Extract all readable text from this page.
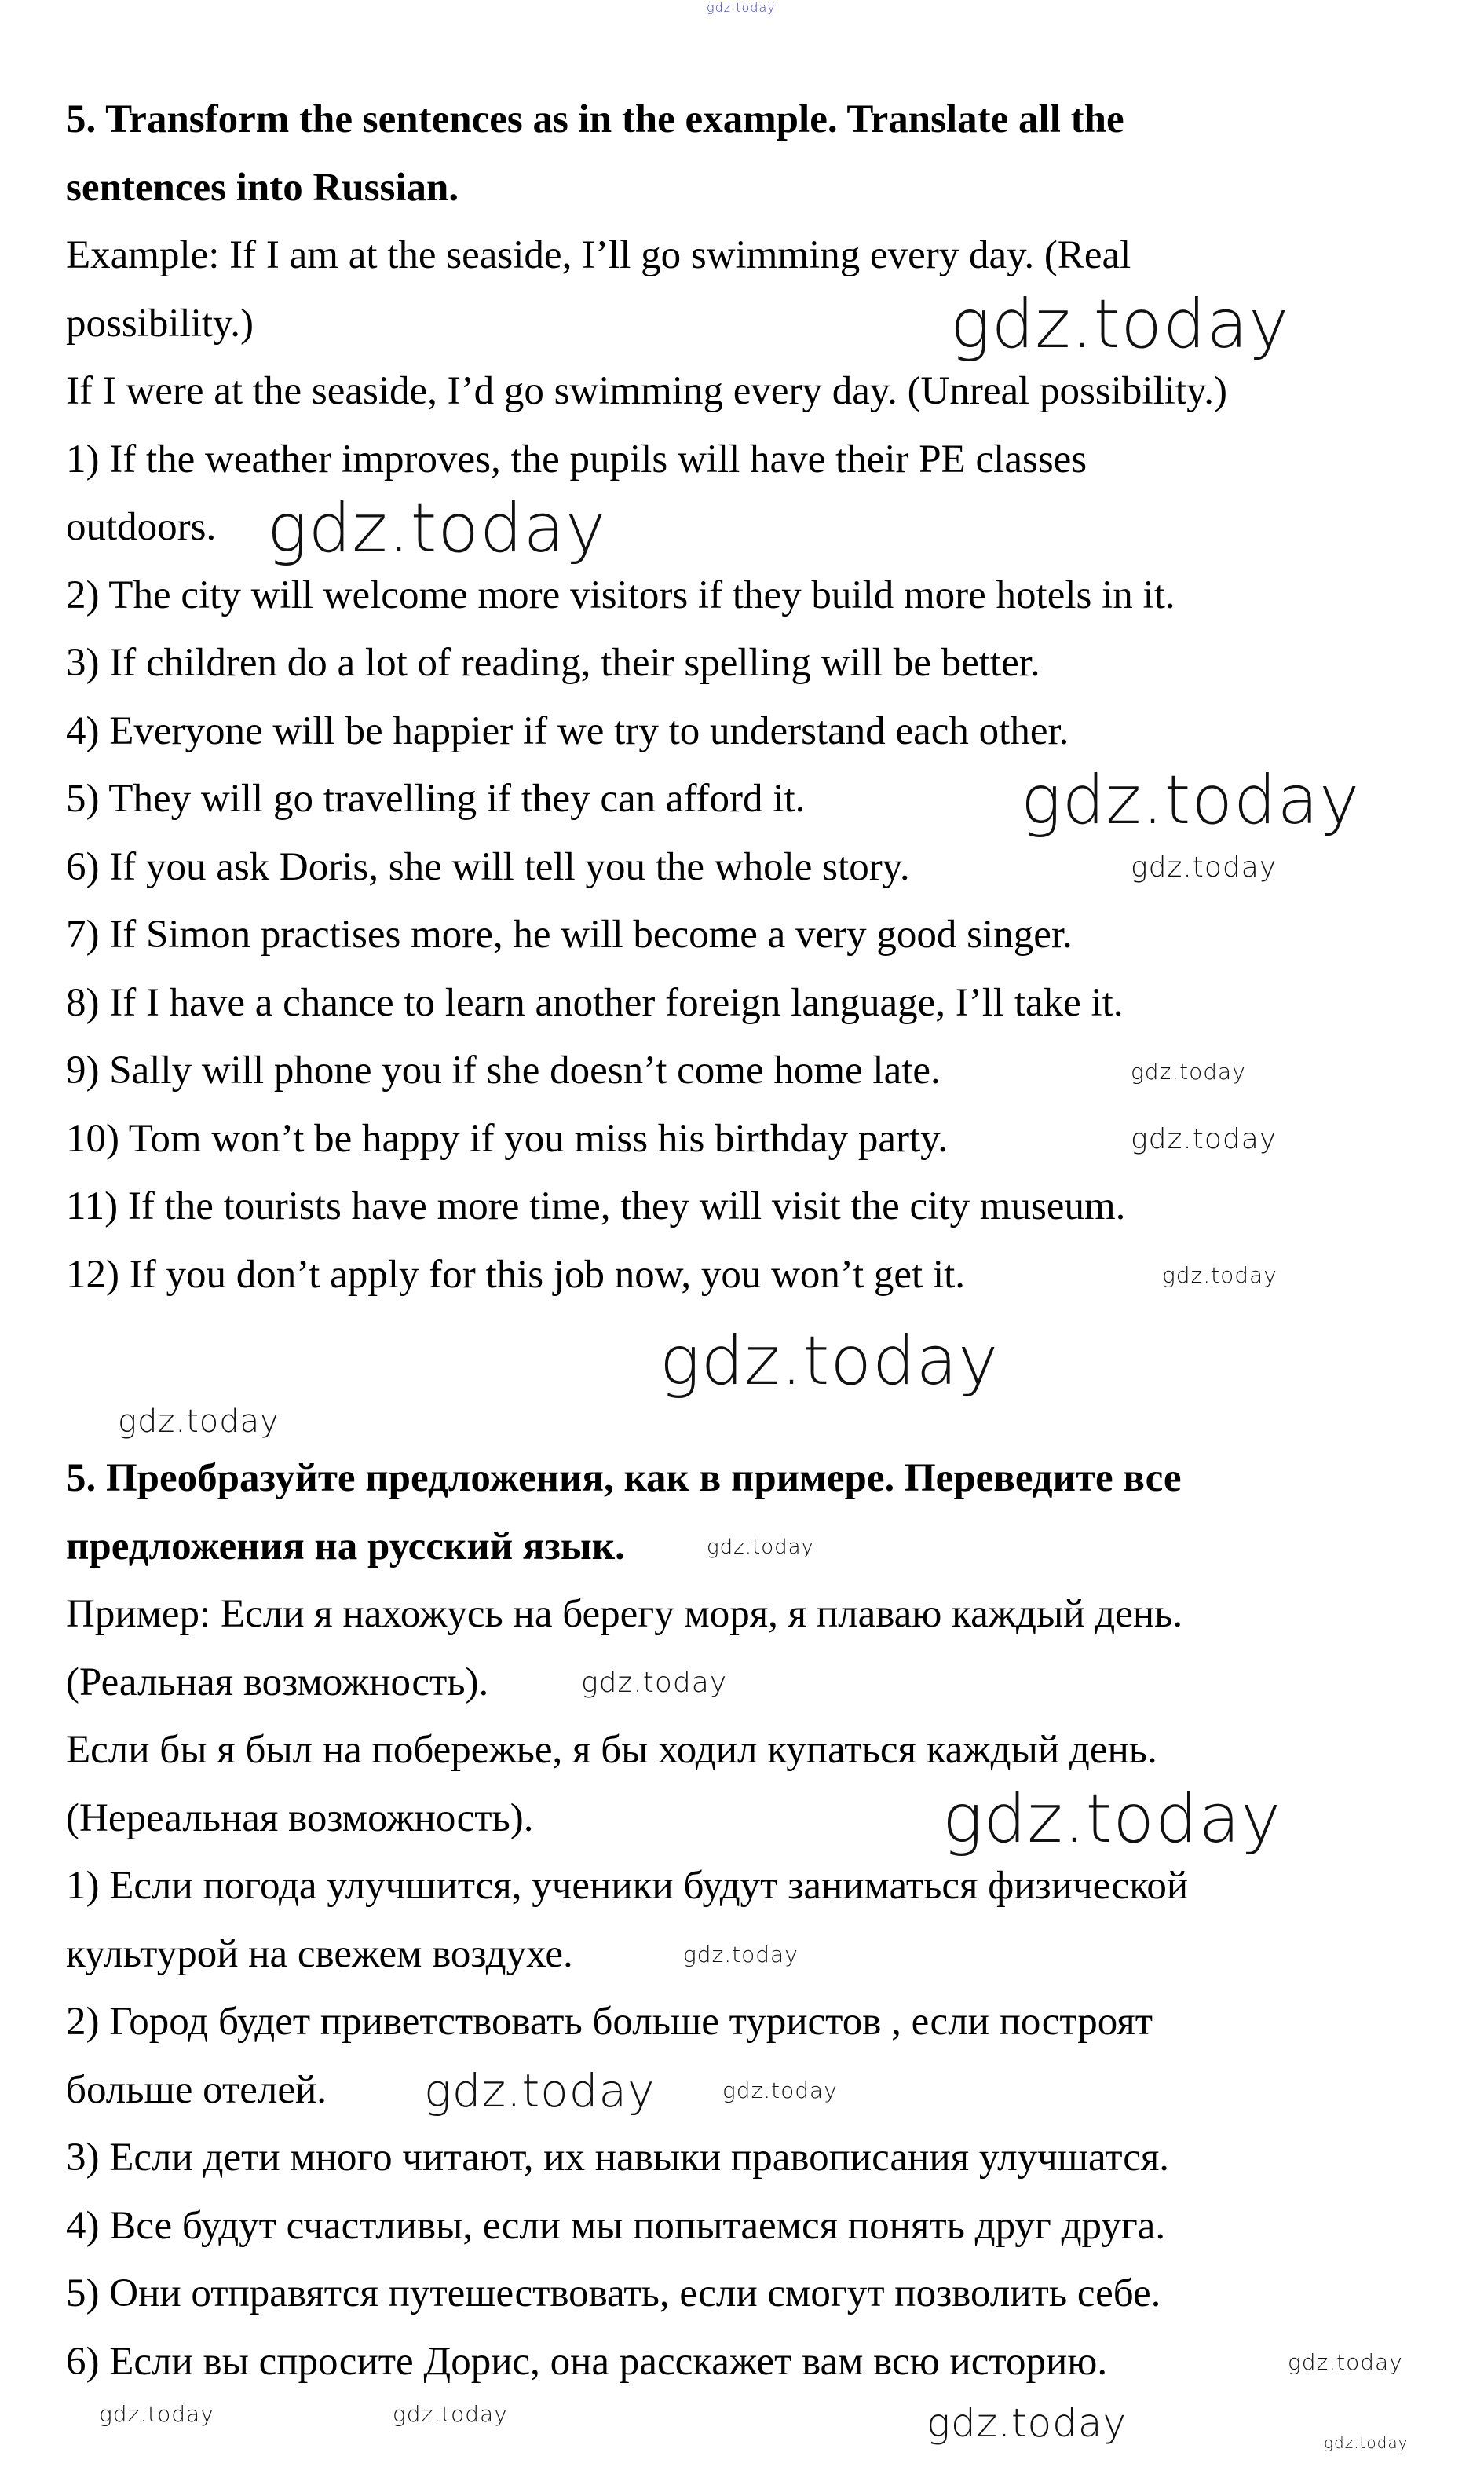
5. Transform the sentences as in the example. Translate all the
sentences into Russian.
Example: If I am at the seaside, I’ll go swimming every day. (Real
possibility.)
If I were at the seaside, I’d go swimming every day. (Unreal possibility.)
1) If the weather improves, the pupils will have their PE classes
outdoors.
2) The city will welcome more visitors if they build more hotels in it.
3) If children do a lot of reading, their spelling will be better.
4) Everyone will be happier if we try to understand each other.
5) They will go travelling if they can afford it.
6) If you ask Doris, she will tell you the whole story.
7) If Simon practises more, he will become a very good singer.
8) If I have a chance to learn another foreign language, I’ll take it.
9) Sally will phone you if she doesn’t come home late.
10) Tom won’t be happy if you miss his birthday party.
11) If the tourists have more time, they will visit the city museum.
12) If you don’t apply for this job now, you won’t get it.
5. Преобразуйте предложения, как в примере. Переведите все
предложения на русский язык.
Пример: Если я нахожусь на берегу моря, я плаваю каждый день.
(Реальная возможность).
Если бы я был на побережье, я бы ходил купаться каждый день.
(Нереальная возможность).
1) Если погода улучшится, ученики будут заниматься физической
культурой на свежем воздухе.
2) Город будет приветствовать больше туристов , если построят
больше отелей.
3) Если дети много читают, их навыки правописания улучшатся.
4) Все будут счастливы, если мы попытаемся понять друг друга.
5) Они отправятся путешествовать, если смогут позволить себе.
6) Если вы спросите Дорис, она расскажет вам всю историю.
gdz.today
gdz.today
gdz.today
gdz.today
gdz.today
gdz.today
gdz.today
gdz.today
gdz.today
gdz.today
gdz.today
gdz.today
gdz.today
gdz.today
gdz.today	gdz.today
gdz.today
gdz.today
gdz.today
gdz.today
gdz.today
